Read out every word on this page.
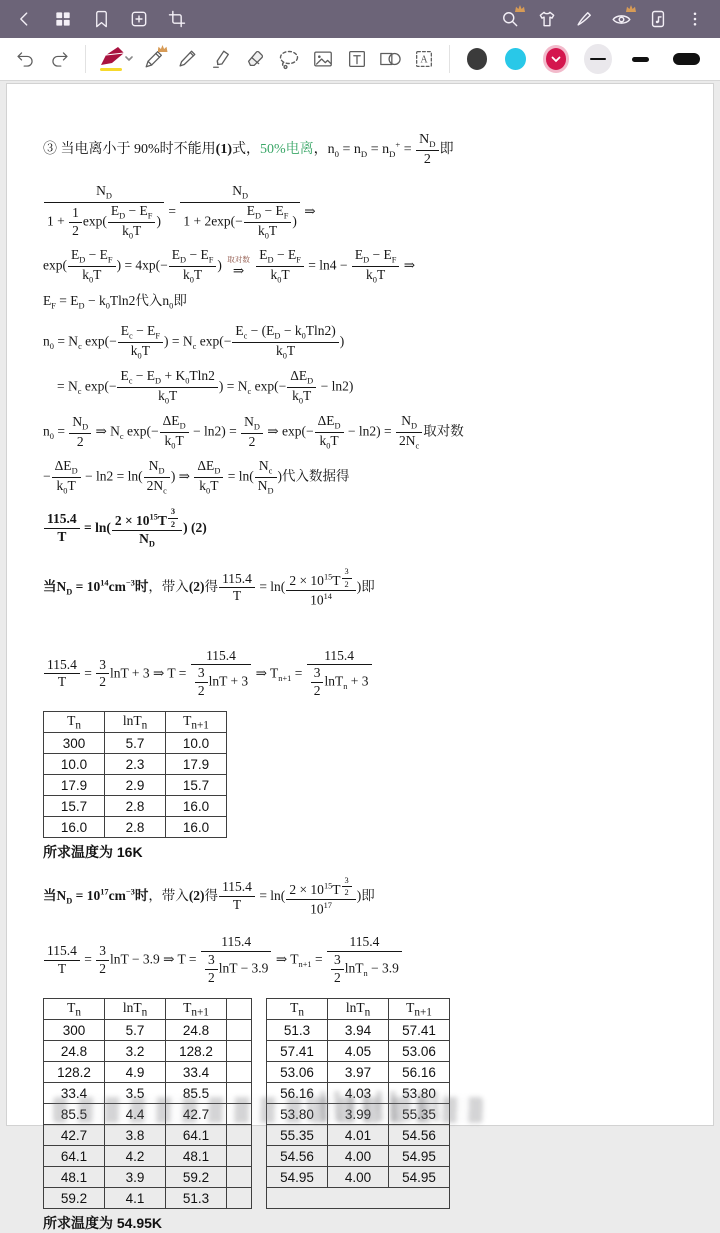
A
③ 当电离小于 90%时不能用(1)式，50%电离，$n_0 = n_D = n_D^+ = \frac{N_D}{2}$ 即
$\frac{N_D}{1 + \frac{1}{2} \exp( \frac{E_D - E_F}{k_0T} )} = \frac{N_D}{1 + 2\exp(- \frac{E_D - E_F}{k_0T} )}$ ⇒
$\exp( \frac{E_D - E_F}{k_0T}$ ) = $4xp(- \frac{E_D - E_F}{k_0T}$ ) 取对数
⇒
$\frac{E_D - E_F}{k_0T} = \ln 4 - \frac{E_D - E_F}{k_0T}$ ⇒
$E_F = E_D - k_0Tln2$代入$n_0$即
$n_0 = N_c$ $\exp(- \frac{E_c - E_F}{k_0T}$ ) = $N_c$ $\exp(- \frac{E_c - (E_D - k_0Tln2)}{k_0T}$ )
= $N_c$ $\exp(- \frac{E_c - E_D + K_0Tln2}{k_0T}$ ) = $N_c$ $\exp(- \frac{\Delta E_D}{k_0T} - \ln 2)$
$n_0 = \frac{N_D}{2}$ ⇒ $N_c$ $\exp(- \frac{\Delta E_D}{k_0T} - \ln 2) = \frac{N_D}{2}$ ⇒ $\exp(- \frac{\Delta E_D}{k_0T} - \ln 2) = \frac{N_D}{2N_c}$ 取对数
− $\frac{\Delta E_D}{k_0T} - \ln 2 = \ln( \frac{N_D}{2N_c}$ ) ⇒ $\frac{\Delta E_D}{k_0T} = \ln( \frac{N_c}{N_D}$ )代入数据得
$\frac{115.4}{T} = \ln$( $2 \times 10^{15}T$ $^{\frac{3}{2}}$
$N_D$ ) (2)
当$N_D = 10^{14}cm^{-3}$时，带入(2)得 $\frac{115.4}{T} = \ln$( $2 \times 10^{15}T$ $^{\frac{3}{2}}$
$10^{14}$ )即
$\frac{115.4}{T} = \frac{3}{2}$ lnT + 3 ⇒ $T = \frac{115.4}{\frac{3}{2} \ln T + 3}$ ⇒ $T_{n+1} = \frac{115.4}{\frac{3}{2} \ln T_n + 3}$
$T_n$	lnT$_n$	$T_{n+1}$
300	5.7	10.0
10.0	2.3	17.9
17.9	2.9	15.7
15.7	2.8	16.0
16.0	2.8	16.0
所求温度为 16K
当$N_D = 10^{17}cm^{-3}$时，带入(2)得 $\frac{115.4}{T} = \ln$( $2 \times 10^{15}T$ $^{\frac{3}{2}}$
$10^{17}$ )即
$\frac{115.4}{T} = \frac{3}{2}$ lnT − 3.9 ⇒ $T = \frac{115.4}{\frac{3}{2} \ln T - 3.9}$ ⇒ $T_{n+1} = \frac{115.4}{\frac{3}{2} \ln T_n - 3.9}$
$T_n$	lnT$_n$	$T_{n+1}$	
300	5.7	24.8	
24.8	3.2	128.2	
128.2	4.9	33.4	
33.4	3.5	85.5	
85.5	4.4	42.7	
42.7	3.8	64.1	
64.1	4.2	48.1	
48.1	3.9	59.2	
59.2	4.1	51.3	
$T_n$	lnT$_n$	$T_{n+1}$
51.3	3.94	57.41
57.41	4.05	53.06
53.06	3.97	56.16
56.16	4.03	53.80
53.80	3.99	55.35
55.35	4.01	54.56
54.56	4.00	54.95
54.95	4.00	54.95

所求温度为 54.95K
